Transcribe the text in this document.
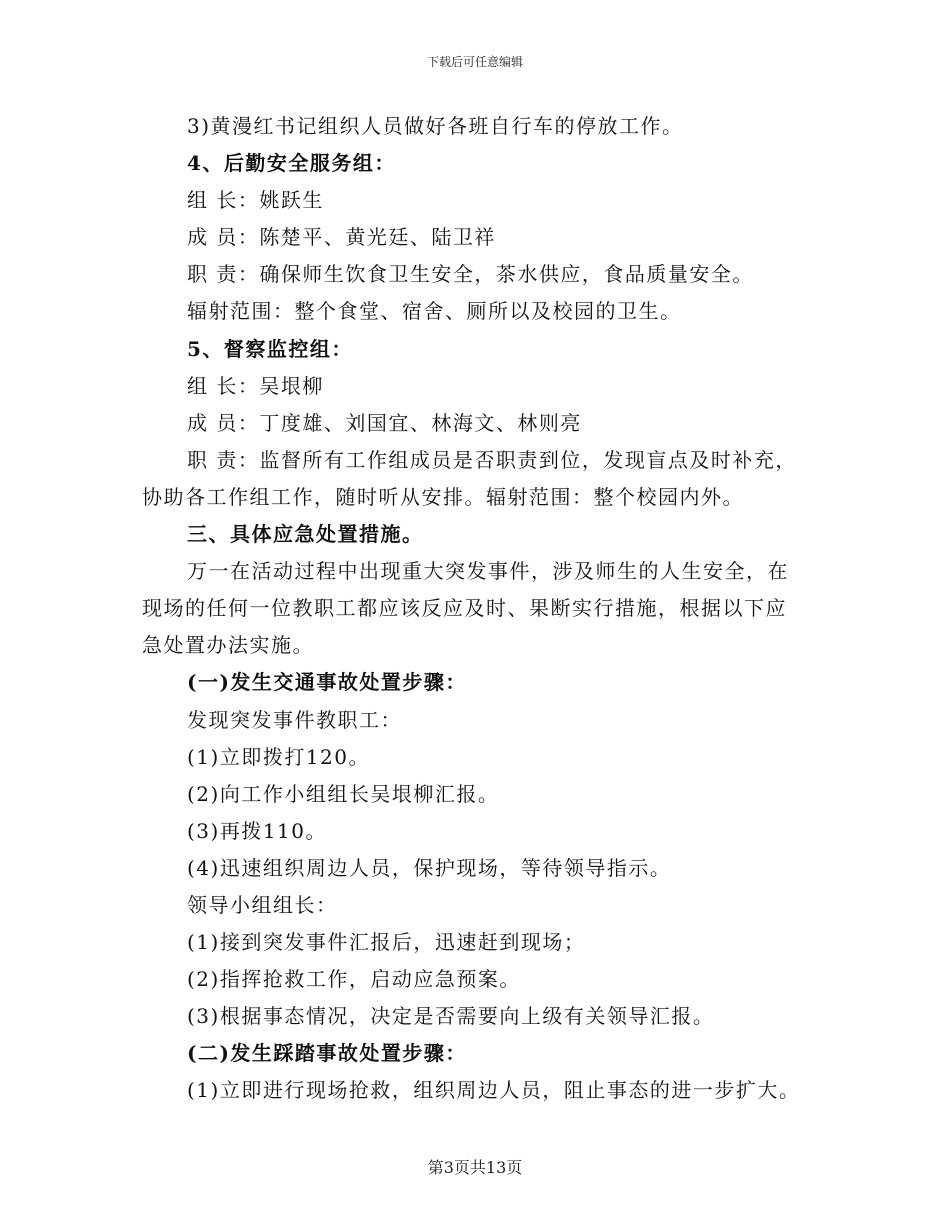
下载后可任意编辑

3)黄漫红书记组织人员做好各班自行车的停放工作。

4、后勤安全服务组：

组 长：姚跃生

成 员：陈楚平、黄光廷、陆卫祥

职 责：确保师生饮食卫生安全，茶水供应，食品质量安全。

辐射范围：整个食堂、宿舍、厕所以及校园的卫生。

5、督察监控组：

组 长：吴垠柳

成 员：丁度雄、刘国宜、林海文、林则亮

职 责：监督所有工作组成员是否职责到位，发现盲点及时补充，协助各工作组工作，随时听从安排。辐射范围：整个校园内外。

三、具体应急处置措施。

万一在活动过程中出现重大突发事件，涉及师生的人生安全，在现场的任何一位教职工都应该反应及时、果断实行措施，根据以下应急处置办法实施。

(一)发生交通事故处置步骤：

发现突发事件教职工：

(1)立即拨打120。

(2)向工作小组组长吴垠柳汇报。

(3)再拨110。

(4)迅速组织周边人员，保护现场，等待领导指示。

领导小组组长：

(1)接到突发事件汇报后，迅速赶到现场；

(2)指挥抢救工作，启动应急预案。

(3)根据事态情况，决定是否需要向上级有关领导汇报。

(二)发生踩踏事故处置步骤：

(1)立即进行现场抢救，组织周边人员，阻止事态的进一步扩大。

第3页共13页
